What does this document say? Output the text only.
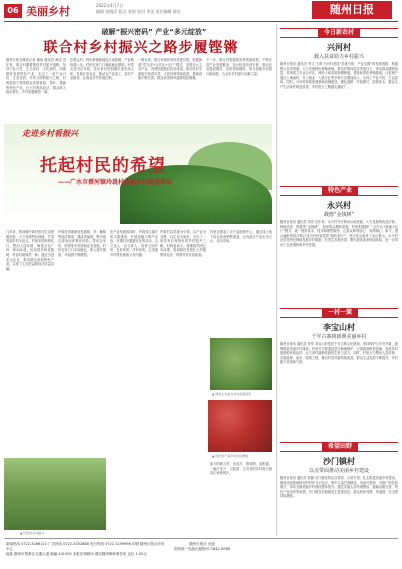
06 美丽乡村	2022年4月7日
编辑 张晓萍 版式 张悦 校对 李洁 责任编辑 蒋红	随州日报
破解“振兴密码” 产业“多元绽放”
联合村乡村振兴之路步履铿锵
随州日报全媒体记者 谢雨 通讯员 黄成 近年来，联合村紧紧围绕乡村振兴战略，坚持产业兴村、生态美村、文化润村，因地制宜发展特色产业，走出了一条产业兴旺、生态宜居、乡风文明的振兴之路。村两委班子带领群众发展香菇、茶叶、果蔬等特色产业，壮大村集体经济，群众收入稳步增长，乡村面貌焕然一新。
在联合村，特色种植基地连片成规模，产业路四通八达，村民在家门口就能就业增收。村党支部书记介绍，近年来村里积极引进市场主体，发展订单农业，推动农产品加工，延长产业链条，让群众共享发展红利。
一路走来，联合村始终坚持党建引领，积极探索“党支部+合作社+农户”模式，发展壮大主导产业，巩固拓展脱贫攻坚成果，推动乡村全面振兴取得实效，人居环境持续改善，基础设施不断完善，群众获得感幸福感明显增强。
下一步，联合村将继续发挥资源优势，不断完善产业发展链条，加大科技培训力度，推动农业提质增效、农民持续增收，努力绘就乡村振兴新画卷，为全市乡村振兴贡献力量。
走进乡村看振兴
托起村民的希望
——广水市蔡河镇玲珑村美丽乡村建设探访
▲ 玲珑村美丽乡村建设
几年来，蔡河镇玲珑村依托生态资源优势，大力发展特色种植，打造美丽乡村示范点。村里坚持规划先行，整治人居环境，修建文化广场、休闲步道，房前屋后种花植树，村容村貌焕然一新。通过引进龙头企业，带动群众发展特色产业，实现了生态效益和经济效益双赢。
玲珑村因地制宜发展桃、李、葡萄等经济林果，建成采摘园，吸引周边游客前来观光体验，带动农家乐、民宿等乡村旅游业态发展。村民在家门口实现就业，收入逐年提高，幸福感不断增强。
在产业发展的同时，玲珑村注重乡风文明建设，开展星级文明户评选、好媳妇好婆婆评比等活动，以文化人、以文育人，培育文明乡风、良好家风、淳朴民风，让美丽乡村既有颜值又有内涵。
玲珑村以党建为引领，以产业为支撑，以生态为底色，走出了一条具有自身特色的乡村振兴之路。村两委表示，将继续巩固已有成果，因地制宜发展壮大村级集体经济，带领村民共同致富。
村里还建起了农产品展销中心，通过线上线下结合拓宽销售渠道，让优质农产品走出大山、走向市场。
▲ 绿色生态成为乡村亮丽底色
▲ 特色农产品带动村民增收
如今的联合村，田成方、路成网、渠相通，一幅产业兴、百姓富、生态美的乡村振兴画卷正徐徐展开。
▲ 玲珑村乡村振兴
今日新农村
兴河村
载入扶贫助力乡村振兴
随州日报讯 通讯员 李文 王勇 兴河村坚持“党建引领、产业支撑”的发展思路，积极整合各类资源，大力发展特色种植养殖，推动村集体经济发展壮大，带动群众增收致富。村里成立专业合作社，流转土地发展规模种植，建设标准化养殖基地，让贫困户通过土地流转、务工就业、入股分红等多种方式增加收入，实现了产业兴旺、生活富裕。同时，兴河村持续加强基础设施建设，硬化道路、安装路灯、改善饮水，群众生产生活条件明显改善，乡村振兴之路越走越宽广。
特色产业
永兴村
载德“金钱树”
随州日报讯 通讯员 刘芳 近年来，永兴村充分利用山地资源，大力发展特色经济林，种植油茶、核桃等“金钱树”，拓宽群众增收渠道。村里积极推广“合作社+基地+农户”模式，统一提供苗木、技术和销售服务，让群众种得放心、卖得顺心。如今，漫山遍野的经济林已成为村民致富的“绿色银行”，昔日荒山变成了金山银山。永兴村还依托特色种植发展乡村旅游，打造生态观光带，吸引游客前来休闲体验，进一步带动了农民增收和乡村发展。
一村一策
李宝山村
千年古寨树新颜美丽乡村
随州日报讯 通讯员 张军 李宝山村依托千年古寨文化资源，坚持保护与开发并重，统筹推进美丽乡村建设。村里对古寨遗址进行修缮保护，完善旅游配套设施，发展乡村旅游和民宿经济，让古老村落焕发新的生机与活力。同时，村里大力整治人居环境，实施改厕、改水、改路工程，推动村容村貌持续改善，群众生活品质不断提升，乡村振兴呈现新气象。
希望田野
沙门镇村
以点带面推动美丽乡村建设
随州日报讯 通讯员 陈静 沙门镇坚持以点带面、示范引领，扎实推进美丽乡村建设。镇里选取基础较好的村作为示范点，集中力量打造精品，形成可复制、可推广的经验做法，带动全镇美丽乡村建设整体提升。通过实施人居环境整治、基础设施完善、特色产业培育等举措，沙门镇各村面貌发生显著变化，群众的获得感、幸福感、安全感持续增强。
新闻热线 0722-3266110 广告热线 0722-3252888 发行热线 0722-3259996 印刷 随州日报社印务中心
地址 随州市曾都区交通大道 邮编 441300 本报法律顾问 湖北随州律师事务所 定价 1.00元
随州日报社 出版
国内统一连续出版物号 CN42-0068
